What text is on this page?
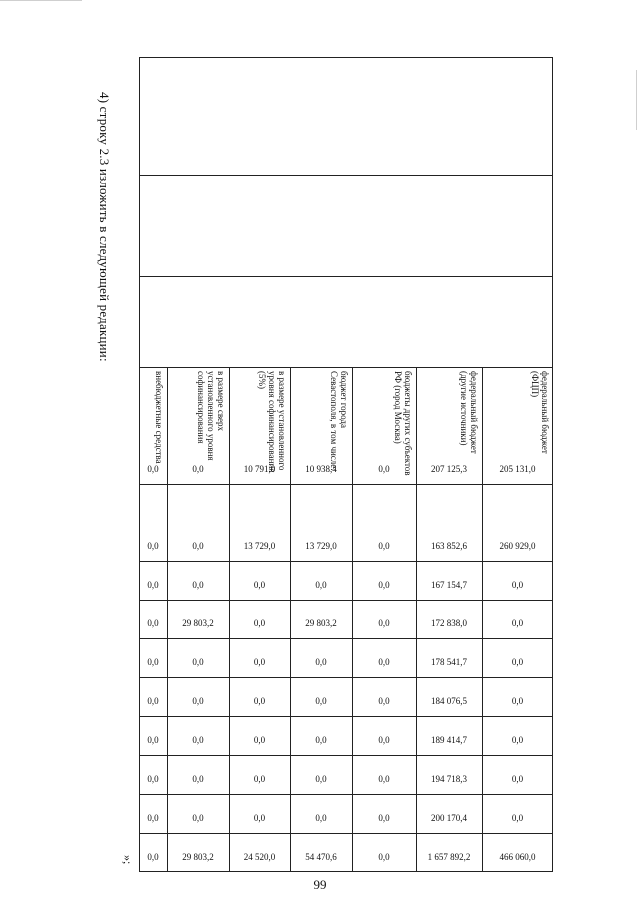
4) строку 2.3 изложить в следующей редакции:
внебюджетные средства	в размере сверх установленного уровня софинансирования	в размере установленного уровня софинансирования (5%)	бюджет города Севастополя, в том числе:	бюджеты других субъектов РФ (город Москва)	федеральный бюджет (другие источники)	федеральный бюджет (ФЦП)
0,0	0,0	10 791,0	10 938,4	0,0	207 125,3	205 131,0
0,0	0,0	13 729,0	13 729,0	0,0	163 852,6	260 929,0
0,0	0,0	0,0	0,0	0,0	167 154,7	0,0
0,0	29 803,2	0,0	29 803,2	0,0	172 838,0	0,0
0,0	0,0	0,0	0,0	0,0	178 541,7	0,0
0,0	0,0	0,0	0,0	0,0	184 076,5	0,0
0,0	0,0	0,0	0,0	0,0	189 414,7	0,0
0,0	0,0	0,0	0,0	0,0	194 718,3	0,0
0,0	0,0	0,0	0,0	0,0	200 170,4	0,0
0,0	29 803,2	24 520,0	54 470,6	0,0	1 657 892,2	466 060,0
»;
99
